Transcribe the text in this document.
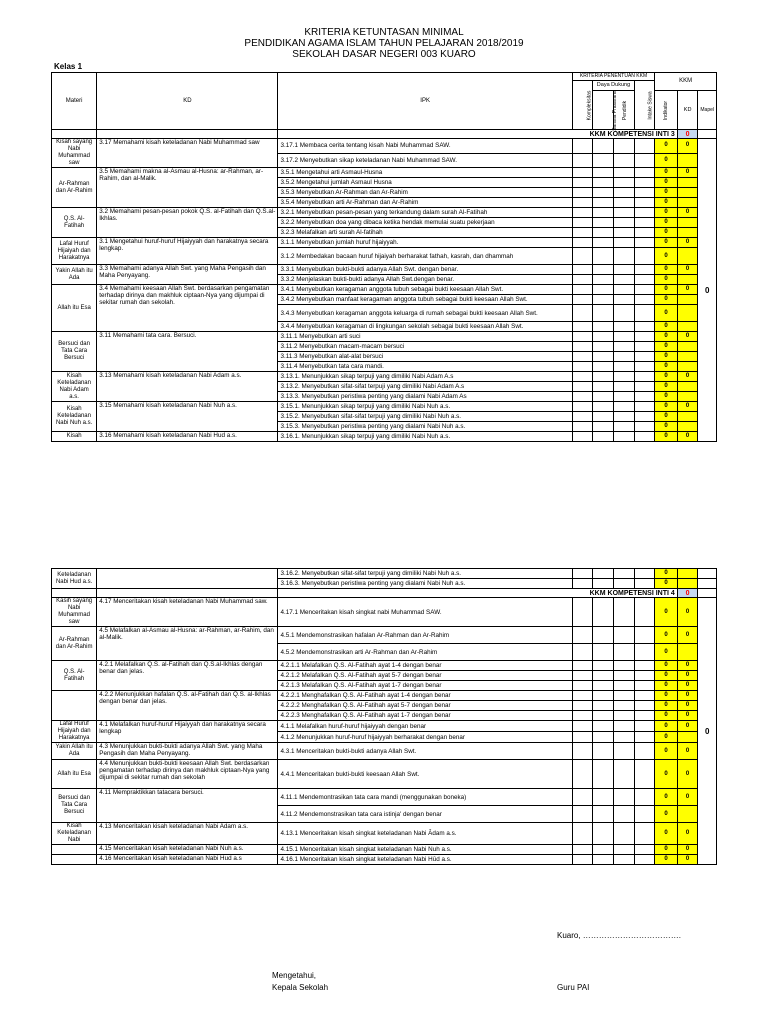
KRITERIA KETUNTASAN MINIMAL
PENDIDIKAN AGAMA ISLAM TAHUN PELAJARAN 2018/2019
SEKOLAH DASAR NEGERI 003 KUARO
Kelas 1
Materi	KD	IPK	KRITERIA PENENTUAN KKM				KKM		
			Kompleksitas	Daya Dukung		Intake Siswa			
				Sarana Prasarana	Pendidik		Indikator	KD	Mapel
		KKM KOMPETENSI INTI 3						0	
Kisah sayang Nabi Muhammad saw	3.17 Memahami kisah keteladanan Nabi Muhammad saw	3.17.1 Membaca cerita tentang kisah Nabi Muhammad SAW.					0	0	0
		3.17.2 Menyebutkan sikap keteladanan Nabi Muhammad SAW.					0		
Ar-Rahman dan Ar-Rahim	3.5 Memahami makna al-Asmau al-Husna: ar-Rahman, ar-Rahim, dan al-Malik.	3.5.1 Mengetahui arti Asmaul-Husna					0	0	
		3.5.2 Mengetahui jumlah Asmaul Husna					0		
		3.5.3 Menyebutkan Ar-Rahman dan Ar-Rahim					0		
		3.5.4 Menyebutkan arti Ar-Rahman dan Ar-Rahim					0		
Q.S. Al-Fatihah	3.2 Memahami pesan-pesan pokok Q.S. al-Fatihah dan Q.S.al-Ikhlas.	3.2.1 Menyebutkan pesan-pesan yang terkandung dalam surah Al-Fatihah					0	0	
		3.2.2 Menyebutkan doa yang dibaca ketika hendak memulai suatu pekerjaan					0		
		3.2.3 Melafalkan arti surah Al-fatihah					0		
Lafal Huruf Hijaiyah dan Harakatnya	3.1 Mengetahui huruf-huruf Hijaiyyah dan harakatnya secara lengkap.	3.1.1 Menyebutkan jumlah huruf hijaiyyah.					0	0	
		3.1.2 Membedakan bacaan huruf hijaiyah berharakat fathah, kasrah, dan dhammah					0		
Yakin Allah itu Ada	3.3 Memahami adanya Allah Swt. yang Maha Pengasih dan Maha Penyayang.	3.3.1 Menyebutkan bukti-bukti adanya Allah Swt. dengan benar.					0	0	
		3.3.2 Menjelaskan bukti-bukti adanya Allah Swt.dengan benar.					0		
Allah itu Esa	3.4 Memahami keesaan Allah Swt. berdasarkan pengamatan terhadap dirinya dan makhluk ciptaan-Nya yang dijumpai di sekitar rumah dan sekolah.	3.4.1 Menyebutkan keragaman anggota tubuh sebagai bukti keesaan Allah Swt.					0	0	
		3.4.2 Menyebutkan manfaat keragaman anggota tubuh sebagai bukti keesaan Allah Swt.					0		
		3.4.3 Menyebutkan keragaman anggota keluarga di rumah sebagai bukti keesaan Allah Swt.					0		
		3.4.4 Menyebutkan keragaman di lingkungan sekolah sebagai bukti keesaan Allah Swt.					0		
Bersuci dan Tata Cara Bersuci	3.11 Memahami tata cara. Bersuci.	3.11.1 Menyebutkan arti suci					0	0	
		3.11.2 Menyebutkan macam-macam bersuci					0		
		3.11.3 Menyebutkan alat-alat bersuci					0		
		3.11.4 Menyebutkan tata cara mandi.					0		
Kisah Keteladanan Nabi Adam a.s.	3.13 Memahami kisah keteladanan Nabi Adam a.s.	3.13.1. Menunjukkan sikap terpuji yang dimiliki Nabi Adam A.s					0	0	
		3.13.2. Menyebutkan sifat-sifat terpuji yang dimiliki Nabi Adam A.s					0		
		3.13.3. Menyebutkan peristiwa penting yang dialami Nabi Adam As					0		
Kisah Keteladanan Nabi Nuh a.s.	3.15 Memahami kisah keteladanan Nabi Nuh a.s.	3.15.1. Menunjukkan sikap terpuji yang dimiliki Nabi Nuh a.s.					0	0	
		3.15.2. Menyebutkan sifat-sifat terpuji yang dimiliki Nabi Nuh a.s.					0		
		3.15.3. Menyebutkan peristiwa penting yang dialami Nabi Nuh a.s.					0		
Kisah	3.16 Memahami kisah keteladanan Nabi Hud a.s.	3.16.1. Menunjukkan sikap terpuji yang dimiliki Nabi Nuh a.s.					0	0	
Keteladanan Nabi Hud a.s.		3.16.2. Menyebutkan sifat-sifat terpuji yang dimiliki Nabi Nuh a.s.					0		
		3.16.3. Menyebutkan peristiwa penting yang dialami Nabi Nuh a.s.					0		
		KKM KOMPETENSI INTI 4						0	
Kasih sayang Nabi Muhammad saw	4.17 Menceritakan kisah keteladanan Nabi Muhammad saw.	4.17.1 Menceritakan kisah singkat nabi Muhammad SAW.					0	0	0
Ar-Rahman dan Ar-Rahim	4.5 Melafalkan al-Asmau al-Husna: ar-Rahman, ar-Rahim, dan al-Malik.	4.5.1 Mendemonstrasikan hafalan Ar-Rahman dan Ar-Rahim					0	0	
		4.5.2 Mendemonstrasikan arti Ar-Rahman dan Ar-Rahim					0		
Q.S. Al-Fatihah	4.2.1 Melafalkan Q.S. al-Fatihah dan Q.S.al-Ikhlas dengan benar dan jelas.	4.2.1.1 Melafalkan Q.S. Al-Fatihah ayat 1-4 dengan benar					0	0	
		4.2.1.2 Melafalkan Q.S. Al-Fatihah ayat 5-7 dengan benar					0	0	
		4.2.1.3 Melafalkan Q.S. Al-Fatihah ayat 1-7 dengan benar					0	0	
	4.2.2 Menunjukkan hafalan Q.S. al-Fatihah dan Q.S. al-Ikhlas dengan benar dan jelas.	4.2.2.1 Menghafalkan Q.S. Al-Fatihah ayat 1-4 dengan benar					0	0	
		4.2.2.2 Menghafalkan Q.S. Al-Fatihah ayat 5-7 dengan benar					0	0	
		4.2.2.3 Menghafalkan Q.S. Al-Fatihah ayat 1-7 dengan benar					0	0	
Lafal Huruf Hijaiyah dan Harakatnya	4.1 Melafalkan huruf-huruf Hijaiyyah dan harakatnya secara lengkap	4.1.1 Melafalkan huruf-huruf hijaiyyah dengan benar					0	0	
		4.1.2 Menunjukkan huruf-huruf hijaiyyah berharakat dengan benar					0		
Yakin Allah itu Ada	4.3 Menunjukkan bukti-bukti adanya Allah Swt. yang Maha Pengasih dan Maha Penyayang.	4.3.1 Menceritakan bukti-bukti adanya Allah Swt.					0	0	
Allah itu Esa	4.4 Menunjukkan bukti-bukti keesaan Allah Swt. berdasarkan pengamatan terhadap dirinya dan makhluk ciptaan-Nya yang dijumpai di sekitar rumah dan sekolah	4.4.1 Menceritakan bukti-bukti keesaan Allah Swt.					0	0	
Bersuci dan Tata Cara Bersuci	4.11 Mempraktikkan tatacara bersuci.	4.11.1 Mendemontrasikan tata cara mandi (menggunakan boneka)					0	0	
		4.11.2 Mendemonstrasikan tata cara istinja' dengan benar					0		
Kisah Keteladanan Nabi	4.13 Menceritakan kisah keteladanan Nabi Adam a.s.	4.13.1 Menceritakan kisah singkat keteladanan Nabi Ādam a.s.					0	0	
	4.15 Menceritakan kisah keteladanan Nabi Nuh a.s.	4.15.1 Menceritakan kisah singkat keteladanan Nabi Nuh a.s.					0	0	
	4.16 Menceritakan kisah keteladanan Nabi Hud a.s	4.16.1 Menceritakan kisah singkat keteladanan Nabi Hūd a.s.					0	0	
Kuaro, ……………………………….
Mengetahui,
Kepala Sekolah	Guru PAI
